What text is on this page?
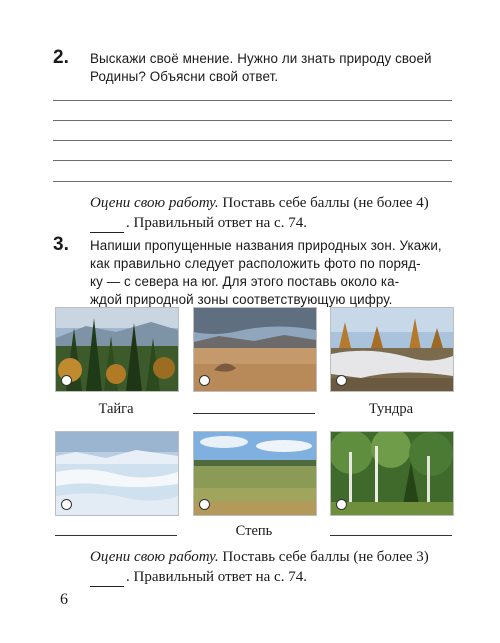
2. Выскажи своё мнение. Нужно ли знать природу своей
Родины? Объясни свой ответ.
Оцени свою работу. Поставь себе баллы (не более 4)
. Правильный ответ на с. 74.
3. Напиши пропущенные названия природных зон. Укажи,
как правильно следует расположить фото по поряд-
ку — с севера на юг. Для этого поставь около ка-
ждой природной зоны соответствующую цифру.
Тайга	Тундра
Степь
Оцени свою работу. Поставь себе баллы (не более 3)
. Правильный ответ на с. 74.
6
